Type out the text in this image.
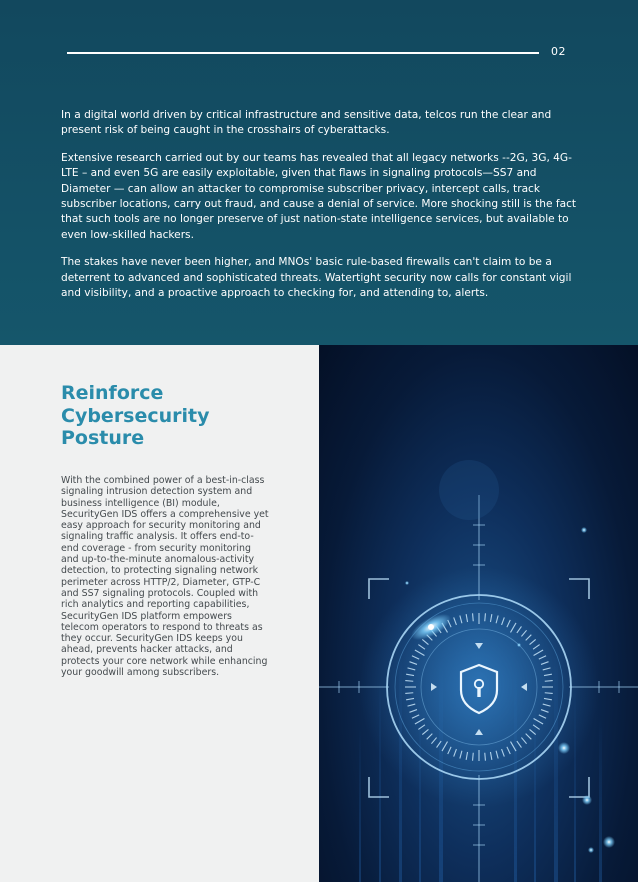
02

In a digital world driven by critical infrastructure and sensitive data, telcos run the clear and present risk of being caught in the crosshairs of cyberattacks.

Extensive research carried out by our teams has revealed that all legacy networks --2G, 3G, 4G-LTE – and even 5G are easily exploitable, given that flaws in signaling protocols—SS7 and Diameter — can allow an attacker to compromise subscriber privacy, intercept calls, track subscriber locations, carry out fraud, and cause a denial of service. More shocking still is the fact that such tools are no longer preserve of just nation-state intelligence services, but available to even low-skilled hackers.

The stakes have never been higher, and MNOs' basic rule-based firewalls can't claim to be a deterrent to advanced and sophisticated threats. Watertight security now calls for constant vigil and visibility, and a proactive approach to checking for, and attending to, alerts.

Reinforce
Cybersecurity
Posture

With the combined power of a best-in-class signaling intrusion detection system and business intelligence (BI) module, SecurityGen IDS offers a comprehensive yet easy approach for security monitoring and signaling traffic analysis. It offers end-to-end coverage - from security monitoring and up-to-the-minute anomalous-activity detection, to protecting signaling network perimeter across HTTP/2, Diameter, GTP-C and SS7 signaling protocols. Coupled with rich analytics and reporting capabilities, SecurityGen IDS platform empowers telecom operators to respond to threats as they occur. SecurityGen IDS keeps you ahead, prevents hacker attacks, and protects your core network while enhancing your goodwill among subscribers.
